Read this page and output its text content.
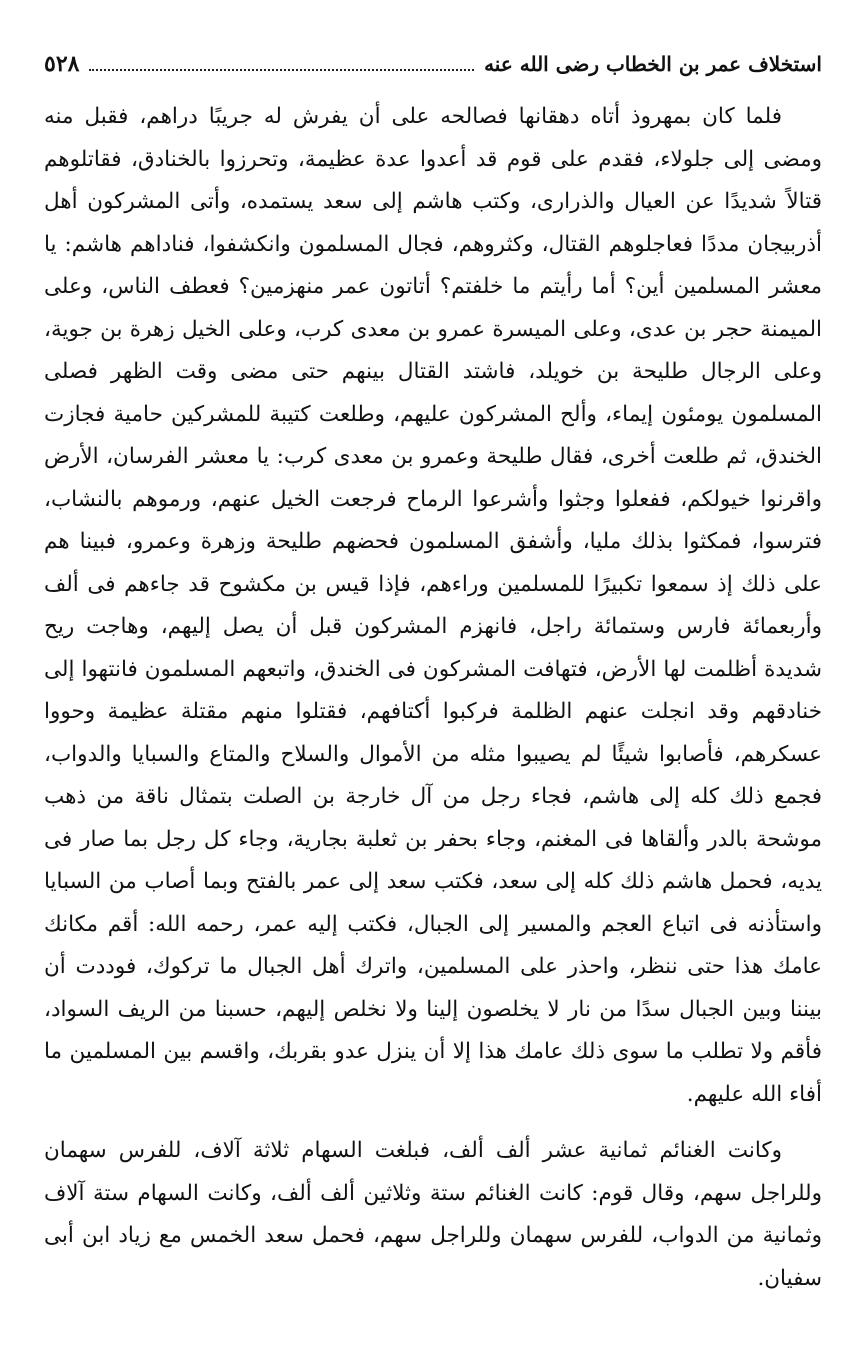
استخلاف عمر بن الخطاب رضى الله عنه
٥٢٨

فلما كان بمهروذ أتاه دهقانها فصالحه على أن يفرش له جريبًا دراهم، فقبل منه ومضى إلى جلولاء، فقدم على قوم قد أعدوا عدة عظيمة، وتحرزوا بالخنادق، فقاتلوهم قتالاً شديدًا عن العيال والذرارى، وكتب هاشم إلى سعد يستمده، وأتى المشركون أهل أذربيجان مددًا فعاجلوهم القتال، وكثروهم، فجال المسلمون وانكشفوا، فناداهم هاشم: يا معشر المسلمين أين؟ أما رأيتم ما خلفتم؟ أتاتون عمر منهزمين؟ فعطف الناس، وعلى الميمنة حجر بن عدى، وعلى الميسرة عمرو بن معدى كرب، وعلى الخيل زهرة بن جوية، وعلى الرجال طليحة بن خويلد، فاشتد القتال بينهم حتى مضى وقت الظهر فصلى المسلمون يومئون إيماء، وألح المشركون عليهم، وطلعت كتيبة للمشركين حامية فجازت الخندق، ثم طلعت أخرى، فقال طليحة وعمرو بن معدى كرب: يا معشر الفرسان، الأرض واقرنوا خيولكم، ففعلوا وجثوا وأشرعوا الرماح فرجعت الخيل عنهم، ورموهم بالنشاب، فترسوا، فمكثوا بذلك مليا، وأشفق المسلمون فحضهم طليحة وزهرة وعمرو، فبينا هم على ذلك إذ سمعوا تكبيرًا للمسلمين وراءهم، فإذا قيس بن مكشوح قد جاءهم فى ألف وأربعمائة فارس وستمائة راجل، فانهزم المشركون قبل أن يصل إليهم، وهاجت ريح شديدة أظلمت لها الأرض، فتهافت المشركون فى الخندق، واتبعهم المسلمون فانتهوا إلى خنادقهم وقد انجلت عنهم الظلمة فركبوا أكتافهم، فقتلوا منهم مقتلة عظيمة وحووا عسكرهم، فأصابوا شيئًا لم يصيبوا مثله من الأموال والسلاح والمتاع والسبايا والدواب، فجمع ذلك كله إلى هاشم، فجاء رجل من آل خارجة بن الصلت بتمثال ناقة من ذهب موشحة بالدر وألقاها فى المغنم، وجاء بحفر بن ثعلبة بجارية، وجاء كل رجل بما صار فى يديه، فحمل هاشم ذلك كله إلى سعد، فكتب سعد إلى عمر بالفتح وبما أصاب من السبايا واستأذنه فى اتباع العجم والمسير إلى الجبال، فكتب إليه عمر، رحمه الله: أقم مكانك عامك هذا حتى ننظر، واحذر على المسلمين، واترك أهل الجبال ما تركوك، فوددت أن بيننا وبين الجبال سدًا من نار لا يخلصون إلينا ولا نخلص إليهم، حسبنا من الريف السواد، فأقم ولا تطلب ما سوى ذلك عامك هذا إلا أن ينزل عدو بقربك، واقسم بين المسلمين ما أفاء الله عليهم.

وكانت الغنائم ثمانية عشر ألف ألف، فبلغت السهام ثلاثة آلاف، للفرس سهمان وللراجل سهم، وقال قوم: كانت الغنائم ستة وثلاثين ألف ألف، وكانت السهام ستة آلاف وثمانية من الدواب، للفرس سهمان وللراجل سهم، فحمل سعد الخمس مع زياد ابن أبى سفيان.
